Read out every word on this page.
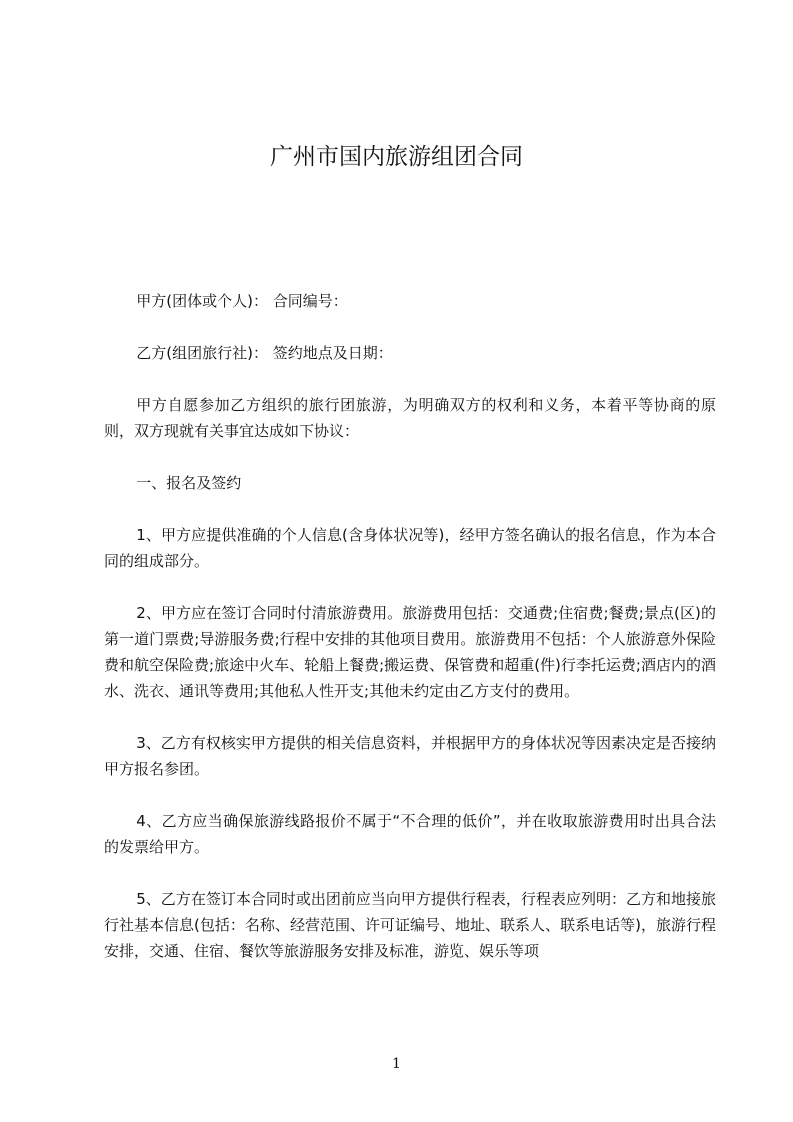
广州市国内旅游组团合同

甲方(团体或个人)： 合同编号：

乙方(组团旅行社)： 签约地点及日期：

甲方自愿参加乙方组织的旅行团旅游，为明确双方的权利和义务，本着平等协商的原则，双方现就有关事宜达成如下协议：

一、报名及签约

1、甲方应提供准确的个人信息(含身体状况等)，经甲方签名确认的报名信息，作为本合同的组成部分。

2、甲方应在签订合同时付清旅游费用。旅游费用包括：交通费;住宿费;餐费;景点(区)的第一道门票费;导游服务费;行程中安排的其他项目费用。旅游费用不包括：个人旅游意外保险费和航空保险费;旅途中火车、轮船上餐费;搬运费、保管费和超重(件)行李托运费;酒店内的酒水、洗衣、通讯等费用;其他私人性开支;其他未约定由乙方支付的费用。

3、乙方有权核实甲方提供的相关信息资料，并根据甲方的身体状况等因素决定是否接纳甲方报名参团。

4、乙方应当确保旅游线路报价不属于“不合理的低价”，并在收取旅游费用时出具合法的发票给甲方。

5、乙方在签订本合同时或出团前应当向甲方提供行程表，行程表应列明：乙方和地接旅行社基本信息(包括：名称、经营范围、许可证编号、地址、联系人、联系电话等)，旅游行程安排，交通、住宿、餐饮等旅游服务安排及标准，游览、娱乐等项

1
